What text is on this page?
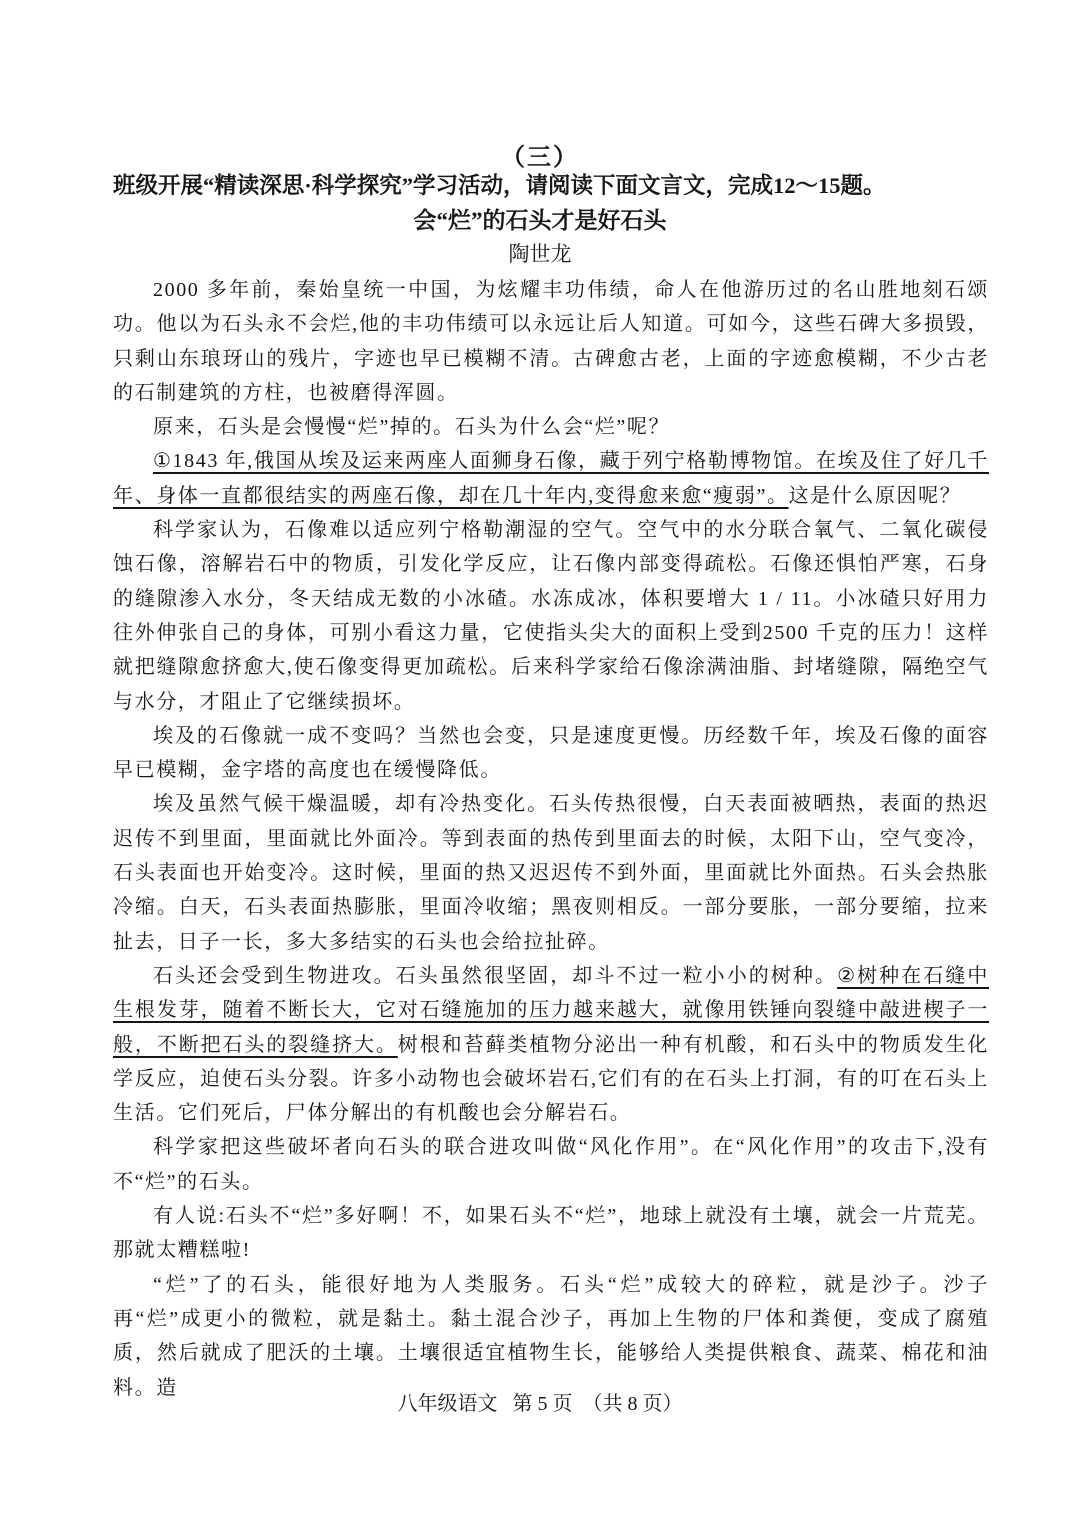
（三）
班级开展“精读深思·科学探究”学习活动，请阅读下面文言文，完成12～15题。
会“烂”的石头才是好石头
陶世龙

2000 多年前，秦始皇统一中国，为炫耀丰功伟绩，命人在他游历过的名山胜地刻石颂功。他以为石头永不会烂,他的丰功伟绩可以永远让后人知道。可如今，这些石碑大多损毁，只剩山东琅玡山的残片，字迹也早已模糊不清。古碑愈古老，上面的字迹愈模糊，不少古老的石制建筑的方柱，也被磨得浑圆。

原来，石头是会慢慢“烂”掉的。石头为什么会“烂”呢？

①1843 年,俄国从埃及运来两座人面狮身石像，藏于列宁格勒博物馆。在埃及住了好几千年、身体一直都很结实的两座石像，却在几十年内,变得愈来愈“瘦弱”。这是什么原因呢？

科学家认为，石像难以适应列宁格勒潮湿的空气。空气中的水分联合氧气、二氧化碳侵蚀石像，溶解岩石中的物质，引发化学反应，让石像内部变得疏松。石像还惧怕严寒，石身的缝隙渗入水分，冬天结成无数的小冰碴。水冻成冰，体积要增大 1 / 11。小冰碴只好用力往外伸张自己的身体，可别小看这力量，它使指头尖大的面积上受到2500 千克的压力！这样就把缝隙愈挤愈大,使石像变得更加疏松。后来科学家给石像涂满油脂、封堵缝隙，隔绝空气与水分，才阻止了它继续损坏。

埃及的石像就一成不变吗？当然也会变，只是速度更慢。历经数千年，埃及石像的面容早已模糊，金字塔的高度也在缓慢降低。

埃及虽然气候干燥温暖，却有冷热变化。石头传热很慢，白天表面被晒热，表面的热迟迟传不到里面，里面就比外面冷。等到表面的热传到里面去的时候，太阳下山，空气变冷，石头表面也开始变冷。这时候，里面的热又迟迟传不到外面，里面就比外面热。石头会热胀冷缩。白天，石头表面热膨胀，里面冷收缩；黑夜则相反。一部分要胀，一部分要缩，拉来扯去，日子一长，多大多结实的石头也会给拉扯碎。

石头还会受到生物进攻。石头虽然很坚固，却斗不过一粒小小的树种。②树种在石缝中生根发芽，随着不断长大，它对石缝施加的压力越来越大，就像用铁锤向裂缝中敲进楔子一般，不断把石头的裂缝挤大。树根和苔藓类植物分泌出一种有机酸，和石头中的物质发生化学反应，迫使石头分裂。许多小动物也会破坏岩石,它们有的在石头上打洞，有的叮在石头上生活。它们死后，尸体分解出的有机酸也会分解岩石。

科学家把这些破坏者向石头的联合进攻叫做“风化作用”。在“风化作用”的攻击下,没有不“烂”的石头。

有人说:石头不“烂”多好啊！不，如果石头不“烂”，地球上就没有土壤，就会一片荒芜。那就太糟糕啦!

“烂”了的石头，能很好地为人类服务。石头“烂”成较大的碎粒，就是沙子。沙子再“烂”成更小的微粒，就是黏土。黏土混合沙子，再加上生物的尸体和粪便，变成了腐殖质，然后就成了肥沃的土壤。土壤很适宜植物生长，能够给人类提供粮食、蔬菜、棉花和油料。造

八年级语文   第 5 页  （共 8 页）
